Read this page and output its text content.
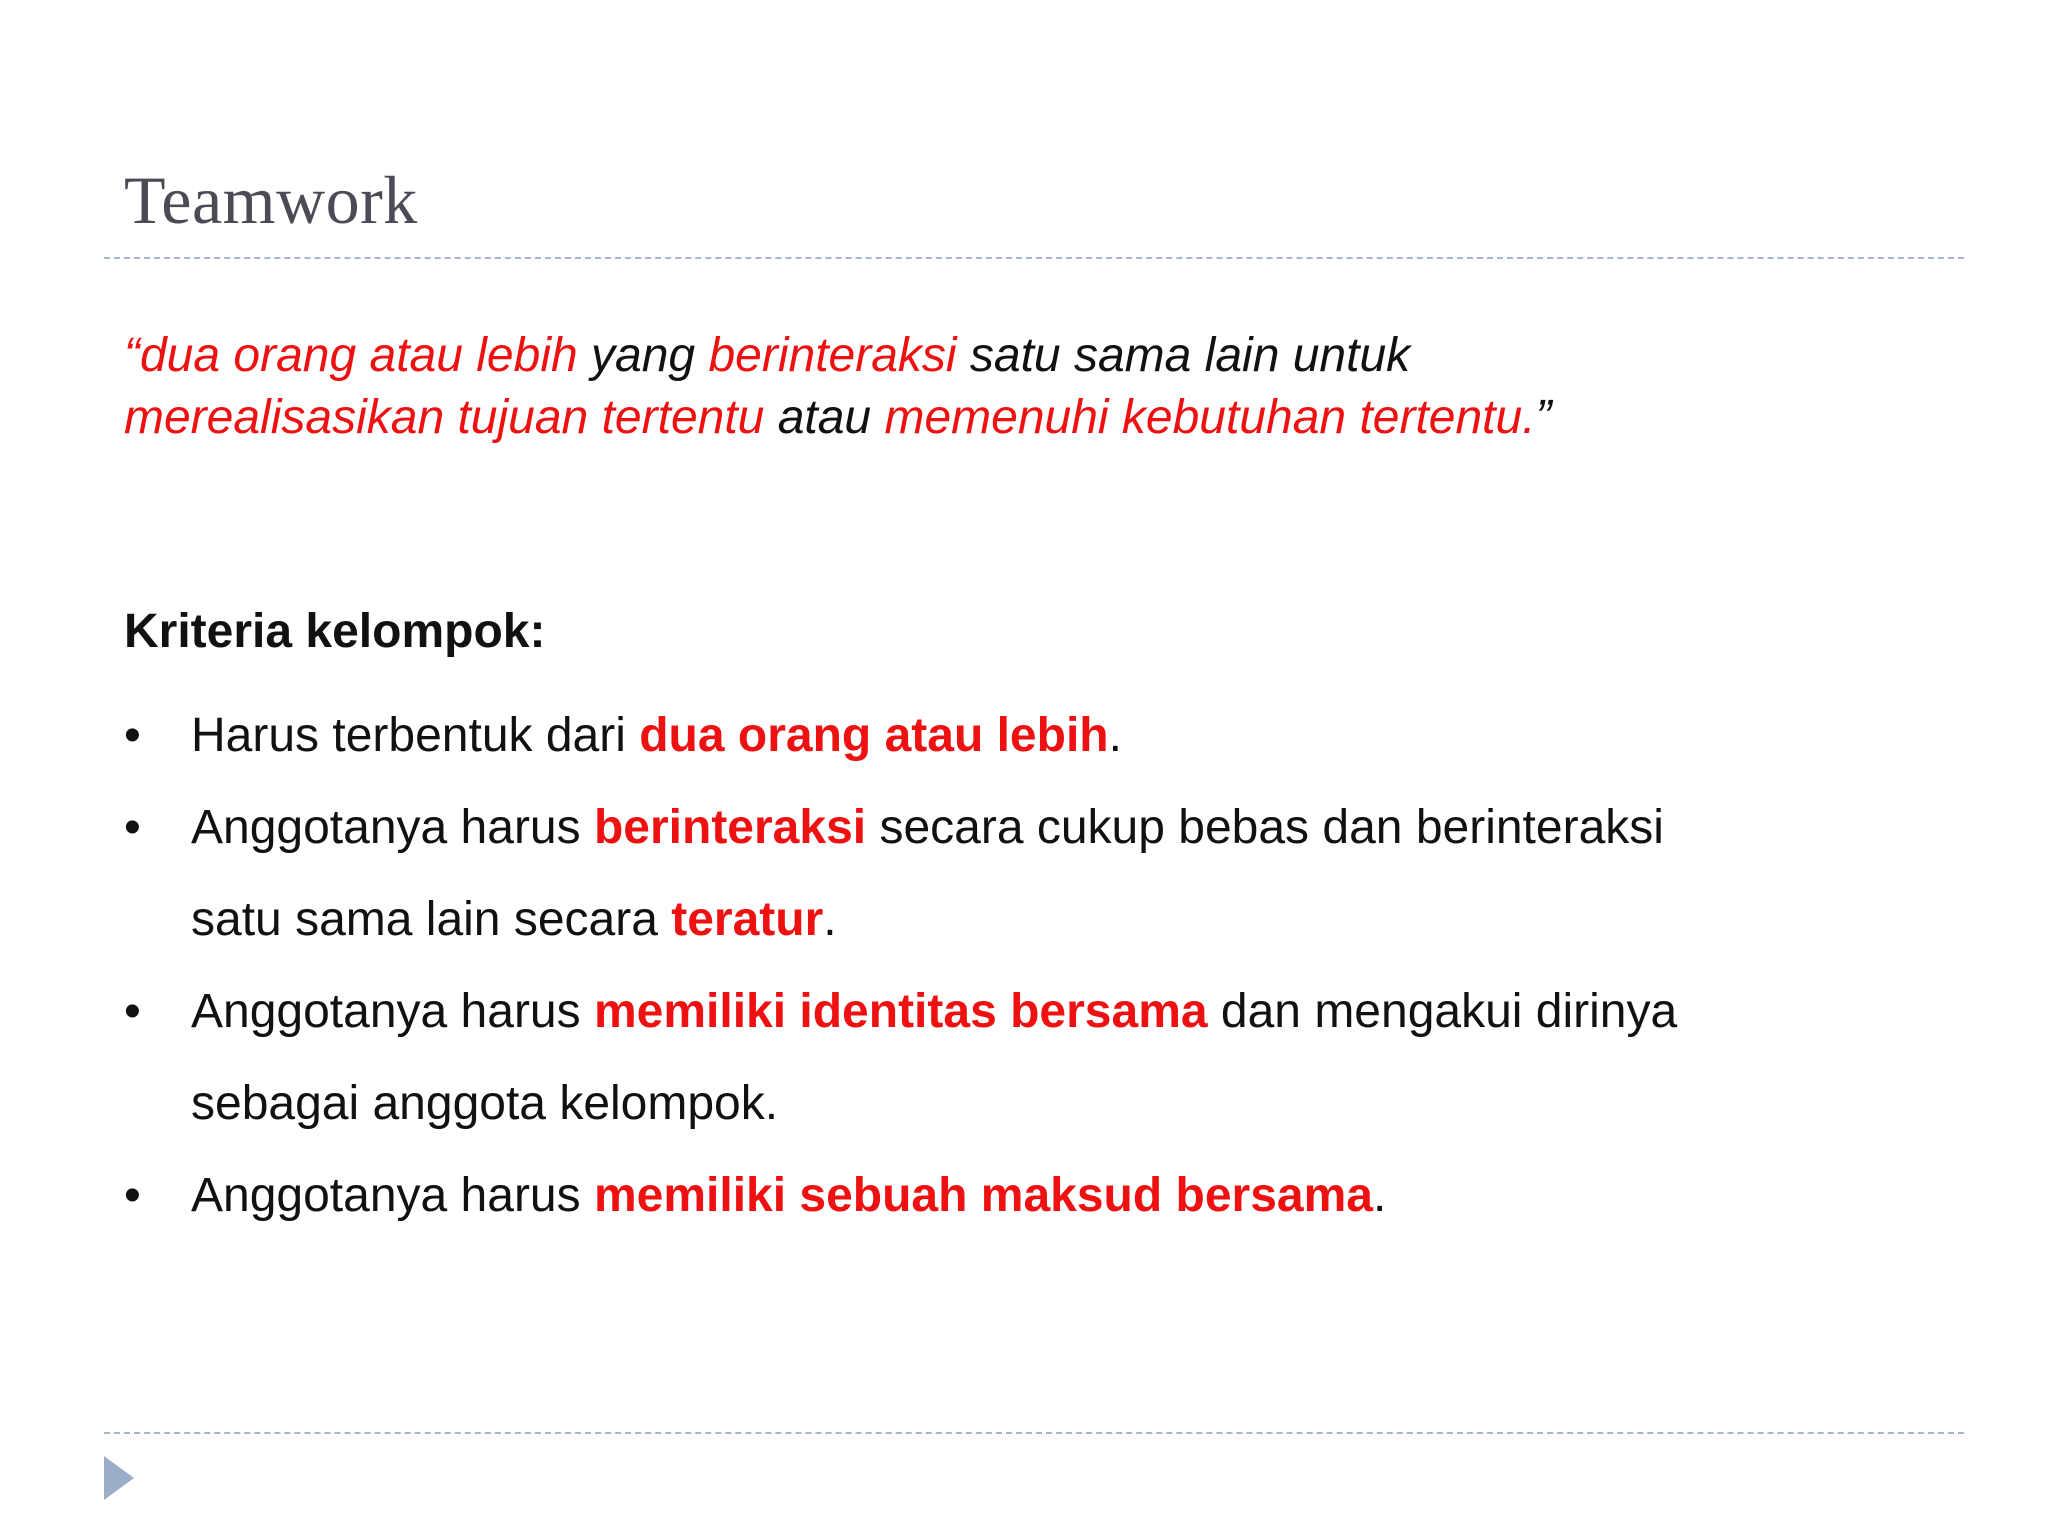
Teamwork
“dua orang atau lebih yang berinteraksi satu sama lain untuk
merealisasikan tujuan tertentu atau memenuhi kebutuhan tertentu.”
Kriteria kelompok:
• Harus terbentuk dari dua orang atau lebih.
• Anggotanya harus berinteraksi secara cukup bebas dan berinteraksi
satu sama lain secara teratur.
• Anggotanya harus memiliki identitas bersama dan mengakui dirinya
sebagai anggota kelompok.
• Anggotanya harus memiliki sebuah maksud bersama.
